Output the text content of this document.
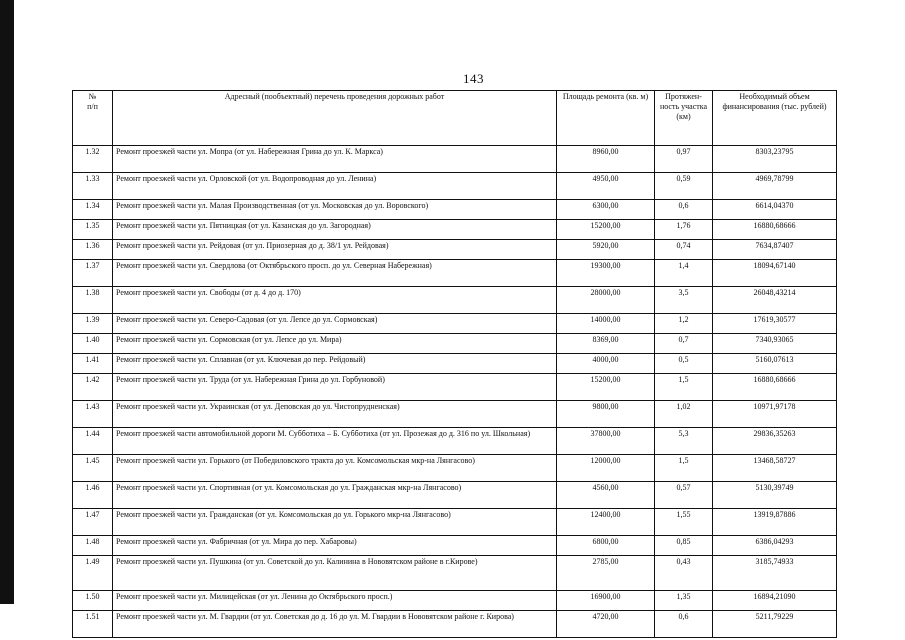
143
№
п/п	Адресный (пообъектный) перечень проведения дорожных работ	Площадь ремонта (кв. м)	Протяжен-ность участка (км)	Необходимый объем финансирования (тыс. рублей)
1.32	Ремонт проезжей части ул. Мопра (от ул. Набережная Грина до ул. К. Маркса)	8960,00	0,97	8303,23795
1.33	Ремонт проезжей части ул. Орловской (от ул. Водопроводная до ул. Ленина)	4950,00	0,59	4969,78799
1.34	Ремонт проезжей части ул. Малая Производственная (от ул. Московская до ул. Воровского)	6300,00	0,6	6614,04370
1.35	Ремонт проезжей части ул. Пятницкая (от ул. Казанская до ул. Загородная)	15200,00	1,76	16880,68666
1.36	Ремонт проезжей части ул. Рейдовая (от ул. Приозерная до д. 38/1 ул. Рейдовая)	5920,00	0,74	7634,87407
1.37	Ремонт проезжей части ул. Свердлова (от Октябрьского просп. до ул. Северная Набережная)	19300,00	1,4	18094,67140
1.38	Ремонт проезжей части ул. Свободы (от д. 4 до д. 170)	28000,00	3,5	26048,43214
1.39	Ремонт проезжей части ул. Северо-Садовая (от ул. Лепсе до ул. Сормовская)	14000,00	1,2	17619,30577
1.40	Ремонт проезжей части ул. Сормовская (от ул. Лепсе до ул. Мира)	8369,00	0,7	7340,93065
1.41	Ремонт проезжей части ул. Сплавная (от ул. Ключевая до пер. Рейдовый)	4000,00	0,5	5160,07613
1.42	Ремонт проезжей части ул. Труда (от ул. Набережная Грина до ул. Горбуновой)	15200,00	1,5	16880,68666
1.43	Ремонт проезжей части ул. Украинская (от ул. Деповская до ул. Чистопрудненская)	9800,00	1,02	10971,97178
1.44	Ремонт проезжей части автомобильной дороги М. Субботиха – Б. Субботиха (от ул. Прозежая до д. 316 по ул. Школьная)	37800,00	5,3	29836,35263
1.45	Ремонт проезжей части ул. Горького (от Победиловского тракта до ул. Комсомольская мкр-на Лянгасово)	12000,00	1,5	13468,58727
1.46	Ремонт проезжей части ул. Спортивная (от ул. Комсомольская до ул. Гражданская мкр-на Лянгасово)	4560,00	0,57	5130,39749
1.47	Ремонт проезжей части ул. Гражданская (от ул. Комсомольская до ул. Горького мкр-на Лянгасово)	12400,00	1,55	13919,87886
1.48	Ремонт проезжей части ул. Фабричная (от ул. Мира до пер. Хабаровы)	6800,00	0,85	6386,04293
1.49	Ремонт проезжей части ул. Пушкина (от ул. Советской до ул. Калинина в Нововятском районе в г.Кирове)	2785,00	0,43	3185,74933
1.50	Ремонт проезжей части ул. Милицейская (от ул. Ленина до Октябрьского просп.)	16900,00	1,35	16894,21090
1.51	Ремонт проезжей части ул. М. Гвардии (от ул. Советская до д. 16 до ул. М. Гвардии в Нововятском районе г. Кирова)	4720,00	0,6	5211,79229
